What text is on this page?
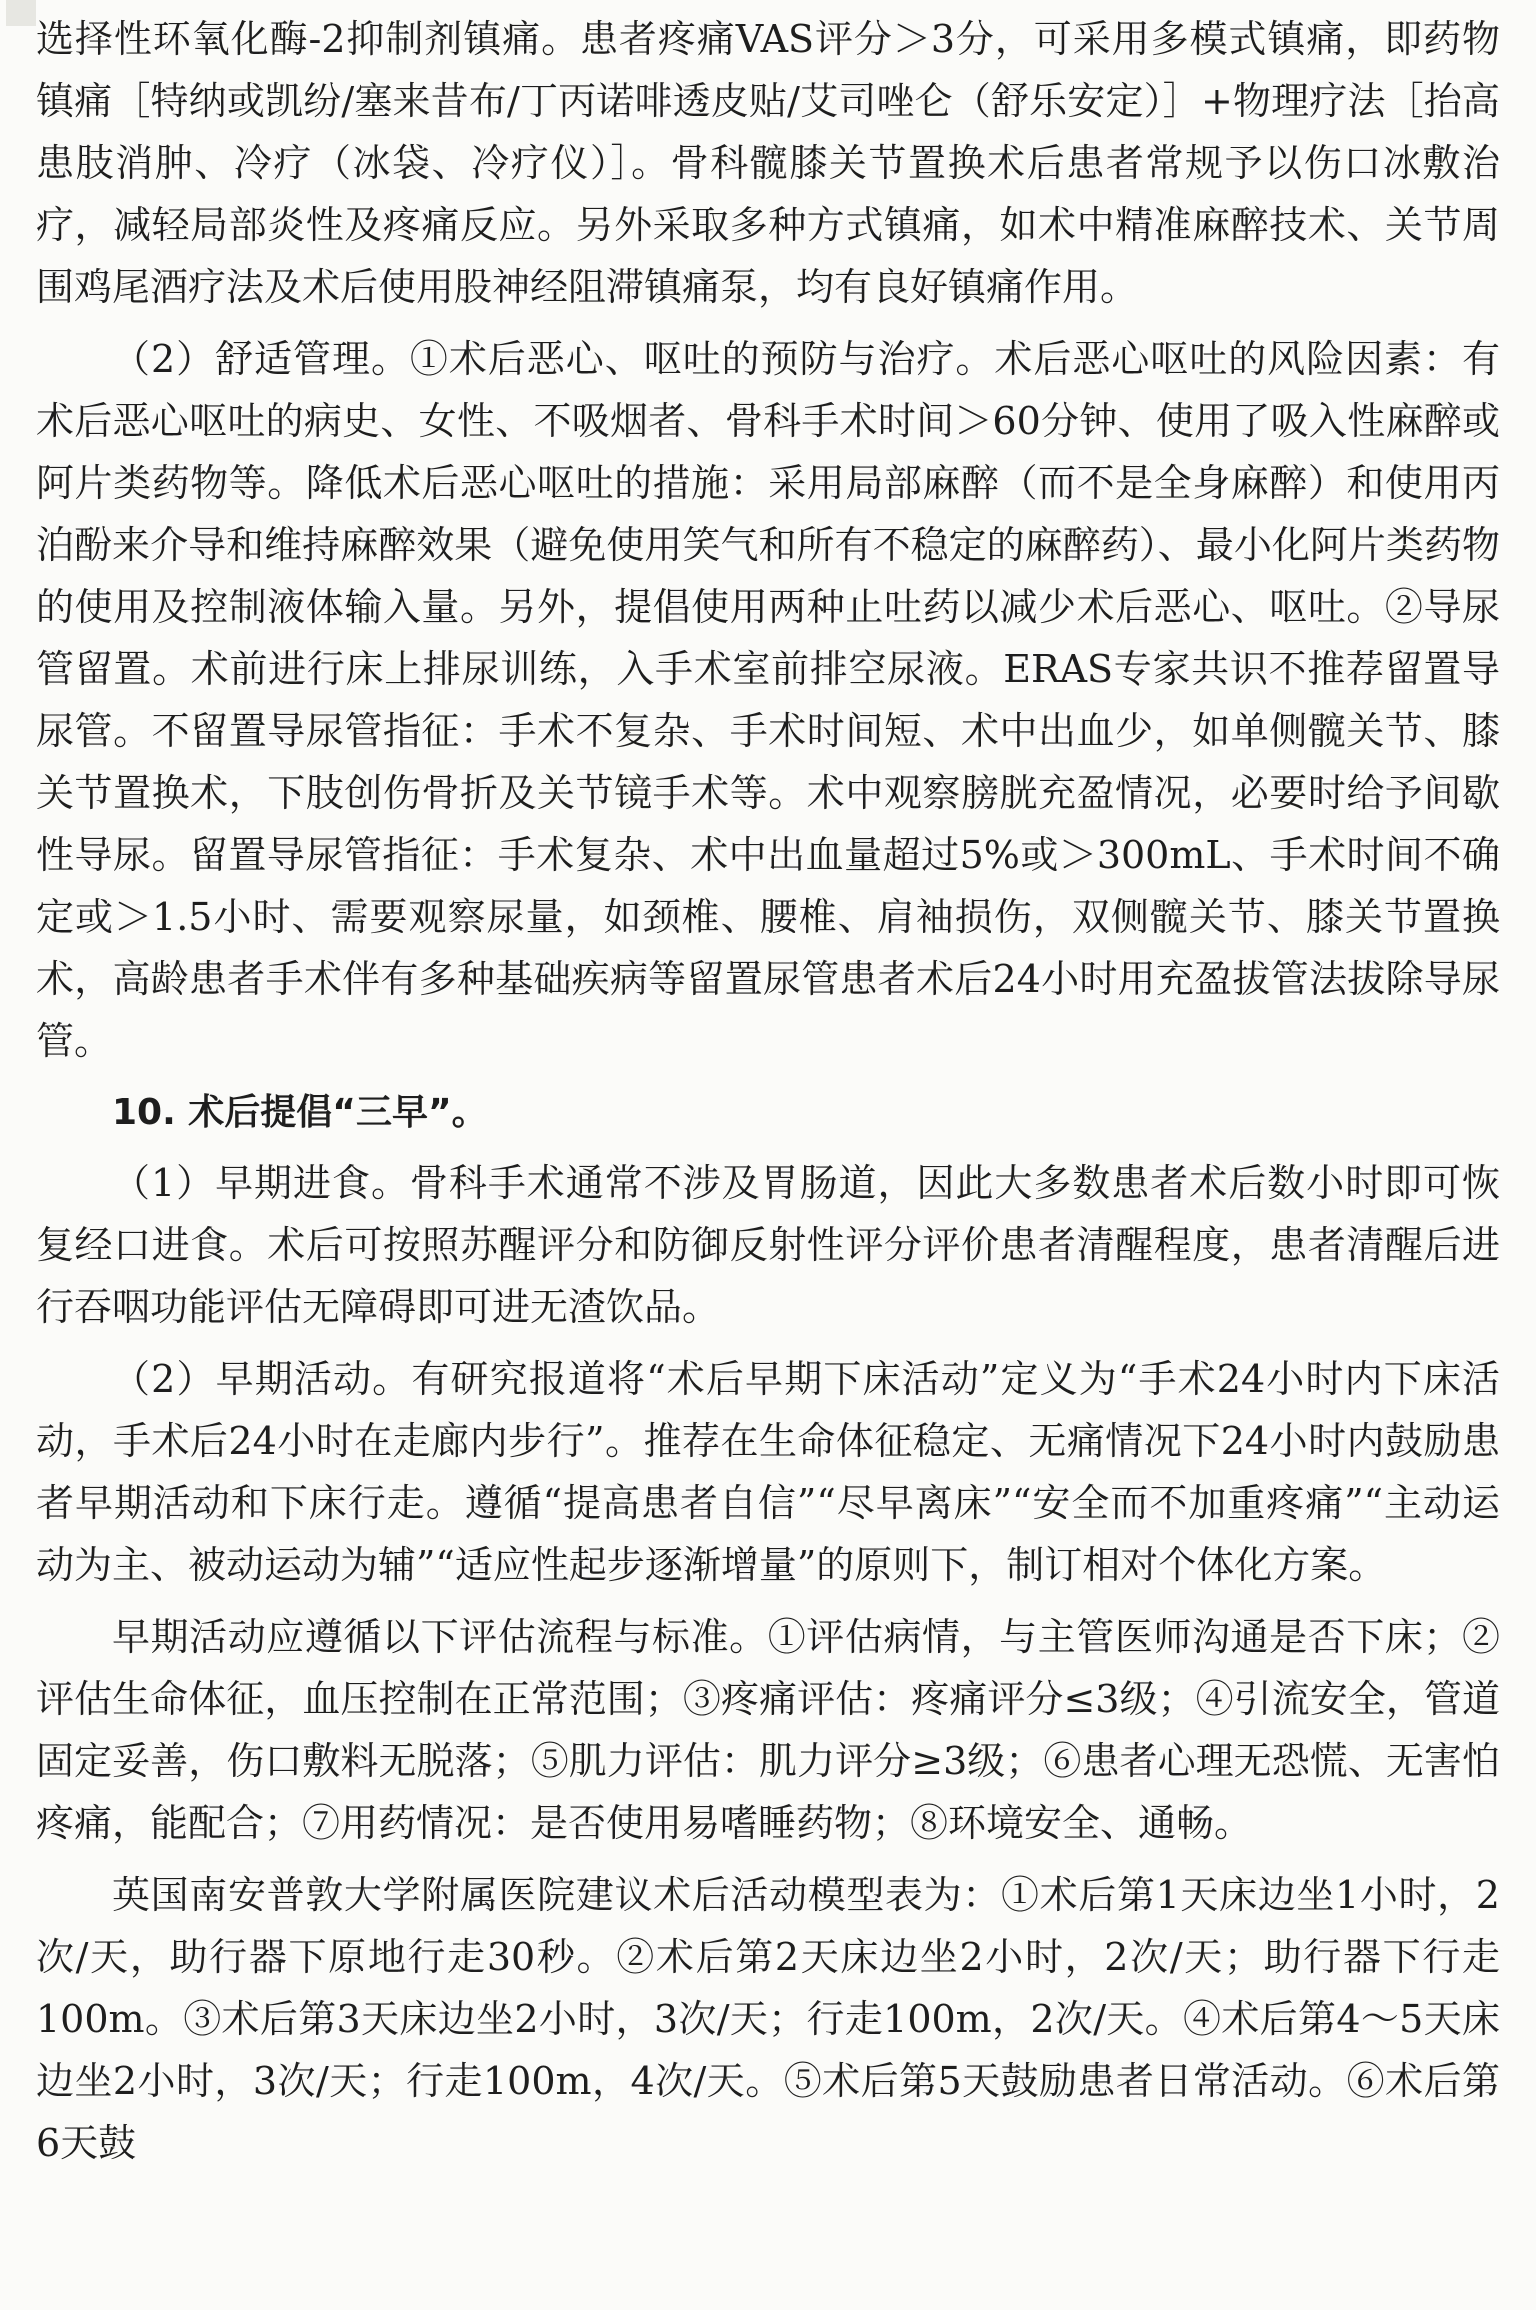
选择性环氧化酶-2抑制剂镇痛。患者疼痛VAS评分＞3分，可采用多模式镇痛，即药物镇痛［特纳或凯纷/塞来昔布/丁丙诺啡透皮贴/艾司唑仑（舒乐安定）］+物理疗法［抬高患肢消肿、冷疗（冰袋、冷疗仪）］。骨科髋膝关节置换术后患者常规予以伤口冰敷治疗，减轻局部炎性及疼痛反应。另外采取多种方式镇痛，如术中精准麻醉技术、关节周围鸡尾酒疗法及术后使用股神经阻滞镇痛泵，均有良好镇痛作用。

（2）舒适管理。①术后恶心、呕吐的预防与治疗。术后恶心呕吐的风险因素：有术后恶心呕吐的病史、女性、不吸烟者、骨科手术时间＞60分钟、使用了吸入性麻醉或阿片类药物等。降低术后恶心呕吐的措施：采用局部麻醉（而不是全身麻醉）和使用丙泊酚来介导和维持麻醉效果（避免使用笑气和所有不稳定的麻醉药）、最小化阿片类药物的使用及控制液体输入量。另外，提倡使用两种止吐药以减少术后恶心、呕吐。②导尿管留置。术前进行床上排尿训练，入手术室前排空尿液。ERAS专家共识不推荐留置导尿管。不留置导尿管指征：手术不复杂、手术时间短、术中出血少，如单侧髋关节、膝关节置换术，下肢创伤骨折及关节镜手术等。术中观察膀胱充盈情况，必要时给予间歇性导尿。留置导尿管指征：手术复杂、术中出血量超过5%或＞300mL、手术时间不确定或＞1.5小时、需要观察尿量，如颈椎、腰椎、肩袖损伤，双侧髋关节、膝关节置换术，高龄患者手术伴有多种基础疾病等留置尿管患者术后24小时用充盈拔管法拔除导尿管。

10. 术后提倡“三早”。

（1）早期进食。骨科手术通常不涉及胃肠道，因此大多数患者术后数小时即可恢复经口进食。术后可按照苏醒评分和防御反射性评分评价患者清醒程度，患者清醒后进行吞咽功能评估无障碍即可进无渣饮品。

（2）早期活动。有研究报道将“术后早期下床活动”定义为“手术24小时内下床活动，手术后24小时在走廊内步行”。推荐在生命体征稳定、无痛情况下24小时内鼓励患者早期活动和下床行走。遵循“提高患者自信”“尽早离床”“安全而不加重疼痛”“主动运动为主、被动运动为辅”“适应性起步逐渐增量”的原则下，制订相对个体化方案。

早期活动应遵循以下评估流程与标准。①评估病情，与主管医师沟通是否下床；②评估生命体征，血压控制在正常范围；③疼痛评估：疼痛评分≤3级；④引流安全，管道固定妥善，伤口敷料无脱落；⑤肌力评估：肌力评分≥3级；⑥患者心理无恐慌、无害怕疼痛，能配合；⑦用药情况：是否使用易嗜睡药物；⑧环境安全、通畅。

英国南安普敦大学附属医院建议术后活动模型表为：①术后第1天床边坐1小时，2次/天，助行器下原地行走30秒。②术后第2天床边坐2小时，2次/天；助行器下行走100m。③术后第3天床边坐2小时，3次/天；行走100m，2次/天。④术后第4～5天床边坐2小时，3次/天；行走100m，4次/天。⑤术后第5天鼓励患者日常活动。⑥术后第6天鼓
